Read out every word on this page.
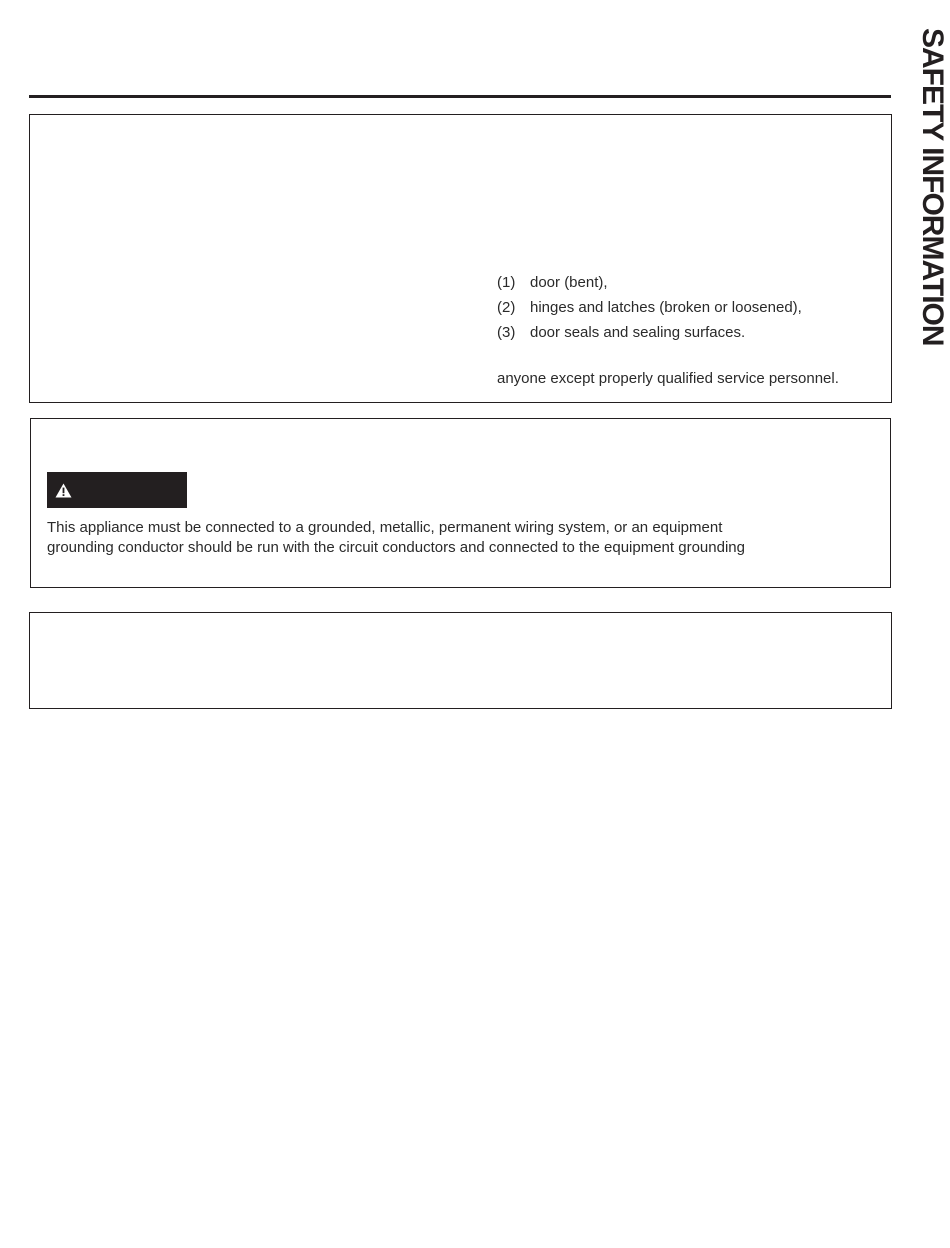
SAFETY INFORMATION
(1) door (bent),
(2) hinges and latches (broken or loosened),
(3) door seals and sealing surfaces.
anyone except properly qualified service personnel.

This appliance must be connected to a grounded, metallic, permanent wiring system, or an equipment
grounding conductor should be run with the circuit conductors and connected to the equipment grounding
